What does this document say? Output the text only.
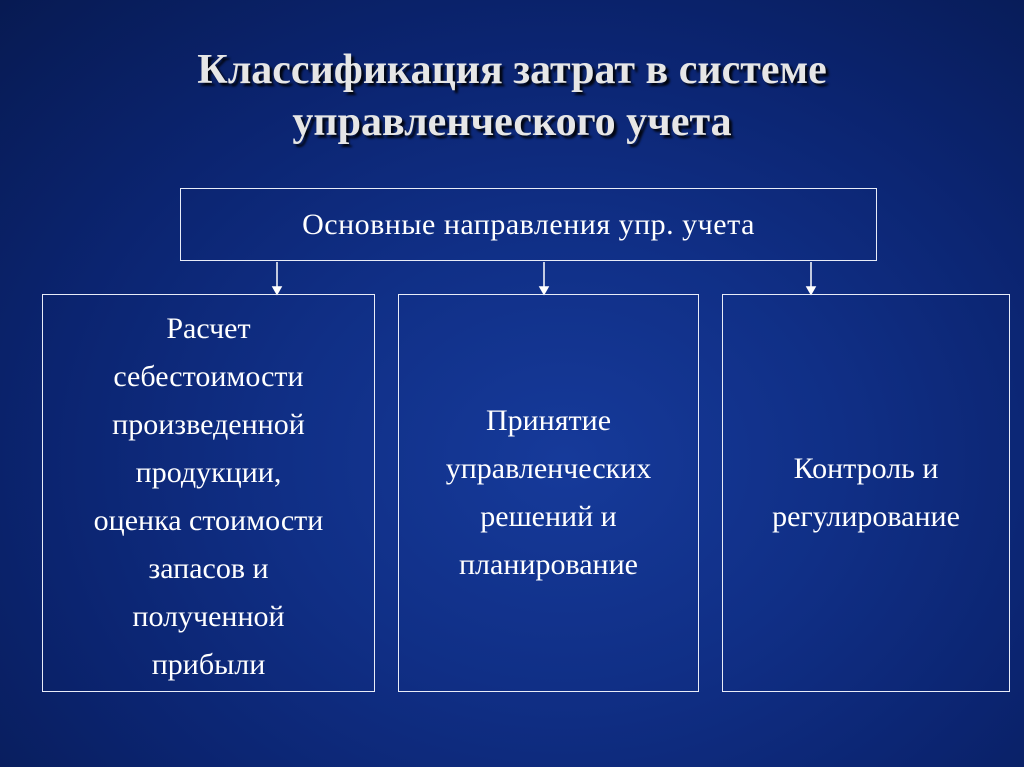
Классификация затрат в системе
управленческого учета
Основные направления упр. учета
Расчет
себестоимости
произведенной
продукции,
оценка стоимости
запасов и
полученной
прибыли
Принятие
управленческих
решений и
планирование
Контроль и
регулирование
